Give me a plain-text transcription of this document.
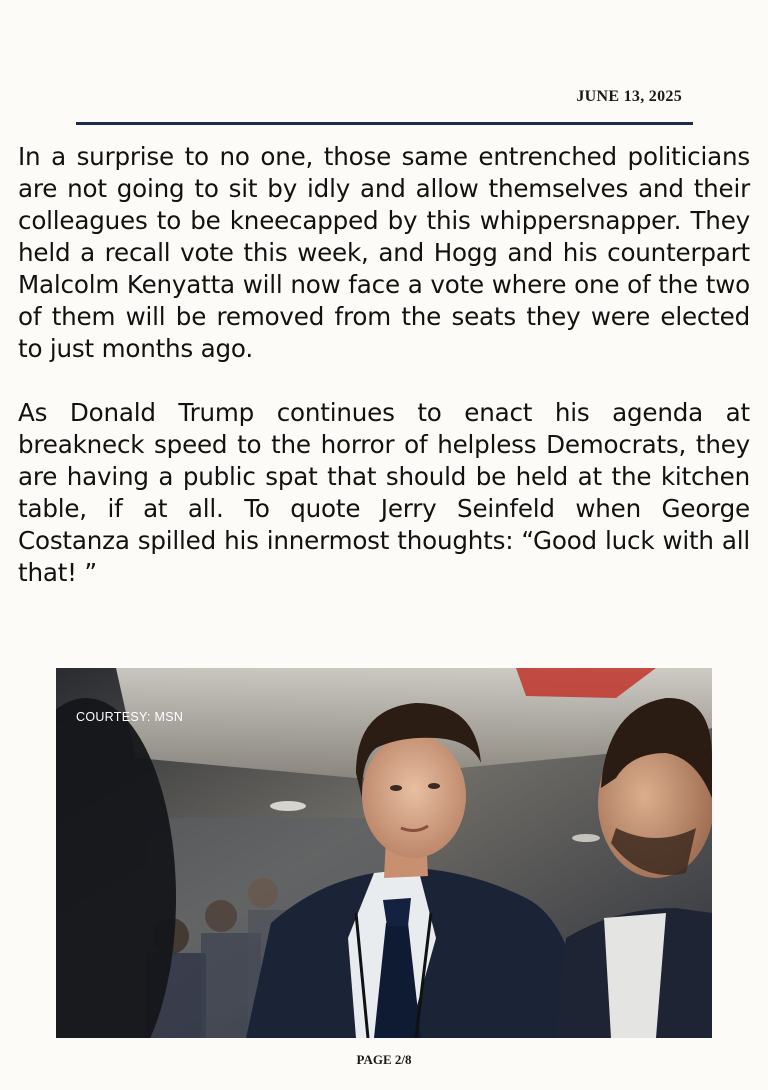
JUNE 13, 2025

In a surprise to no one, those same entrenched politicians are not going to sit by idly and allow themselves and their colleagues to be kneecapped by this whippersnapper. They held a recall vote this week, and Hogg and his counterpart Malcolm Kenyatta will now face a vote where one of the two of them will be removed from the seats they were elected to just months ago.

As Donald Trump continues to enact his agenda at breakneck speed to the horror of helpless Democrats, they are having a public spat that should be held at the kitchen table, if at all. To quote Jerry Seinfeld when George Costanza spilled his innermost thoughts: “Good luck with all that! ”

COURTESY: MSN
PAGE 2/8
